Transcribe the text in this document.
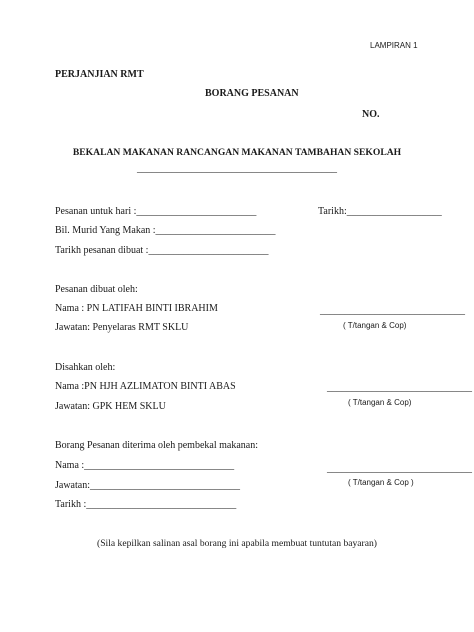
LAMPIRAN 1
PERJANJIAN RMT
BORANG PESANAN
NO.
BEKALAN MAKANAN RANCANGAN MAKANAN TAMBAHAN SEKOLAH
________________________________________
Pesanan untuk hari :________________________	Tarikh:___________________
Bil. Murid Yang Makan :________________________
Tarikh pesanan dibuat :________________________
Pesanan dibuat oleh:
Nama : PN LATIFAH BINTI IBRAHIM
Jawatan: Penyelaras RMT SKLU
_____________________________
( T/tangan & Cop)
Disahkan oleh:
Nama :PN HJH AZLIMATON BINTI ABAS
Jawatan: GPK HEM SKLU
_____________________________
( T/tangan & Cop)
Borang Pesanan diterima oleh pembekal makanan:
Nama :______________________________
Jawatan:______________________________
Tarikh :______________________________
_____________________________
( T/tangan & Cop )
(Sila kepilkan salinan asal borang ini apabila membuat tuntutan bayaran)
